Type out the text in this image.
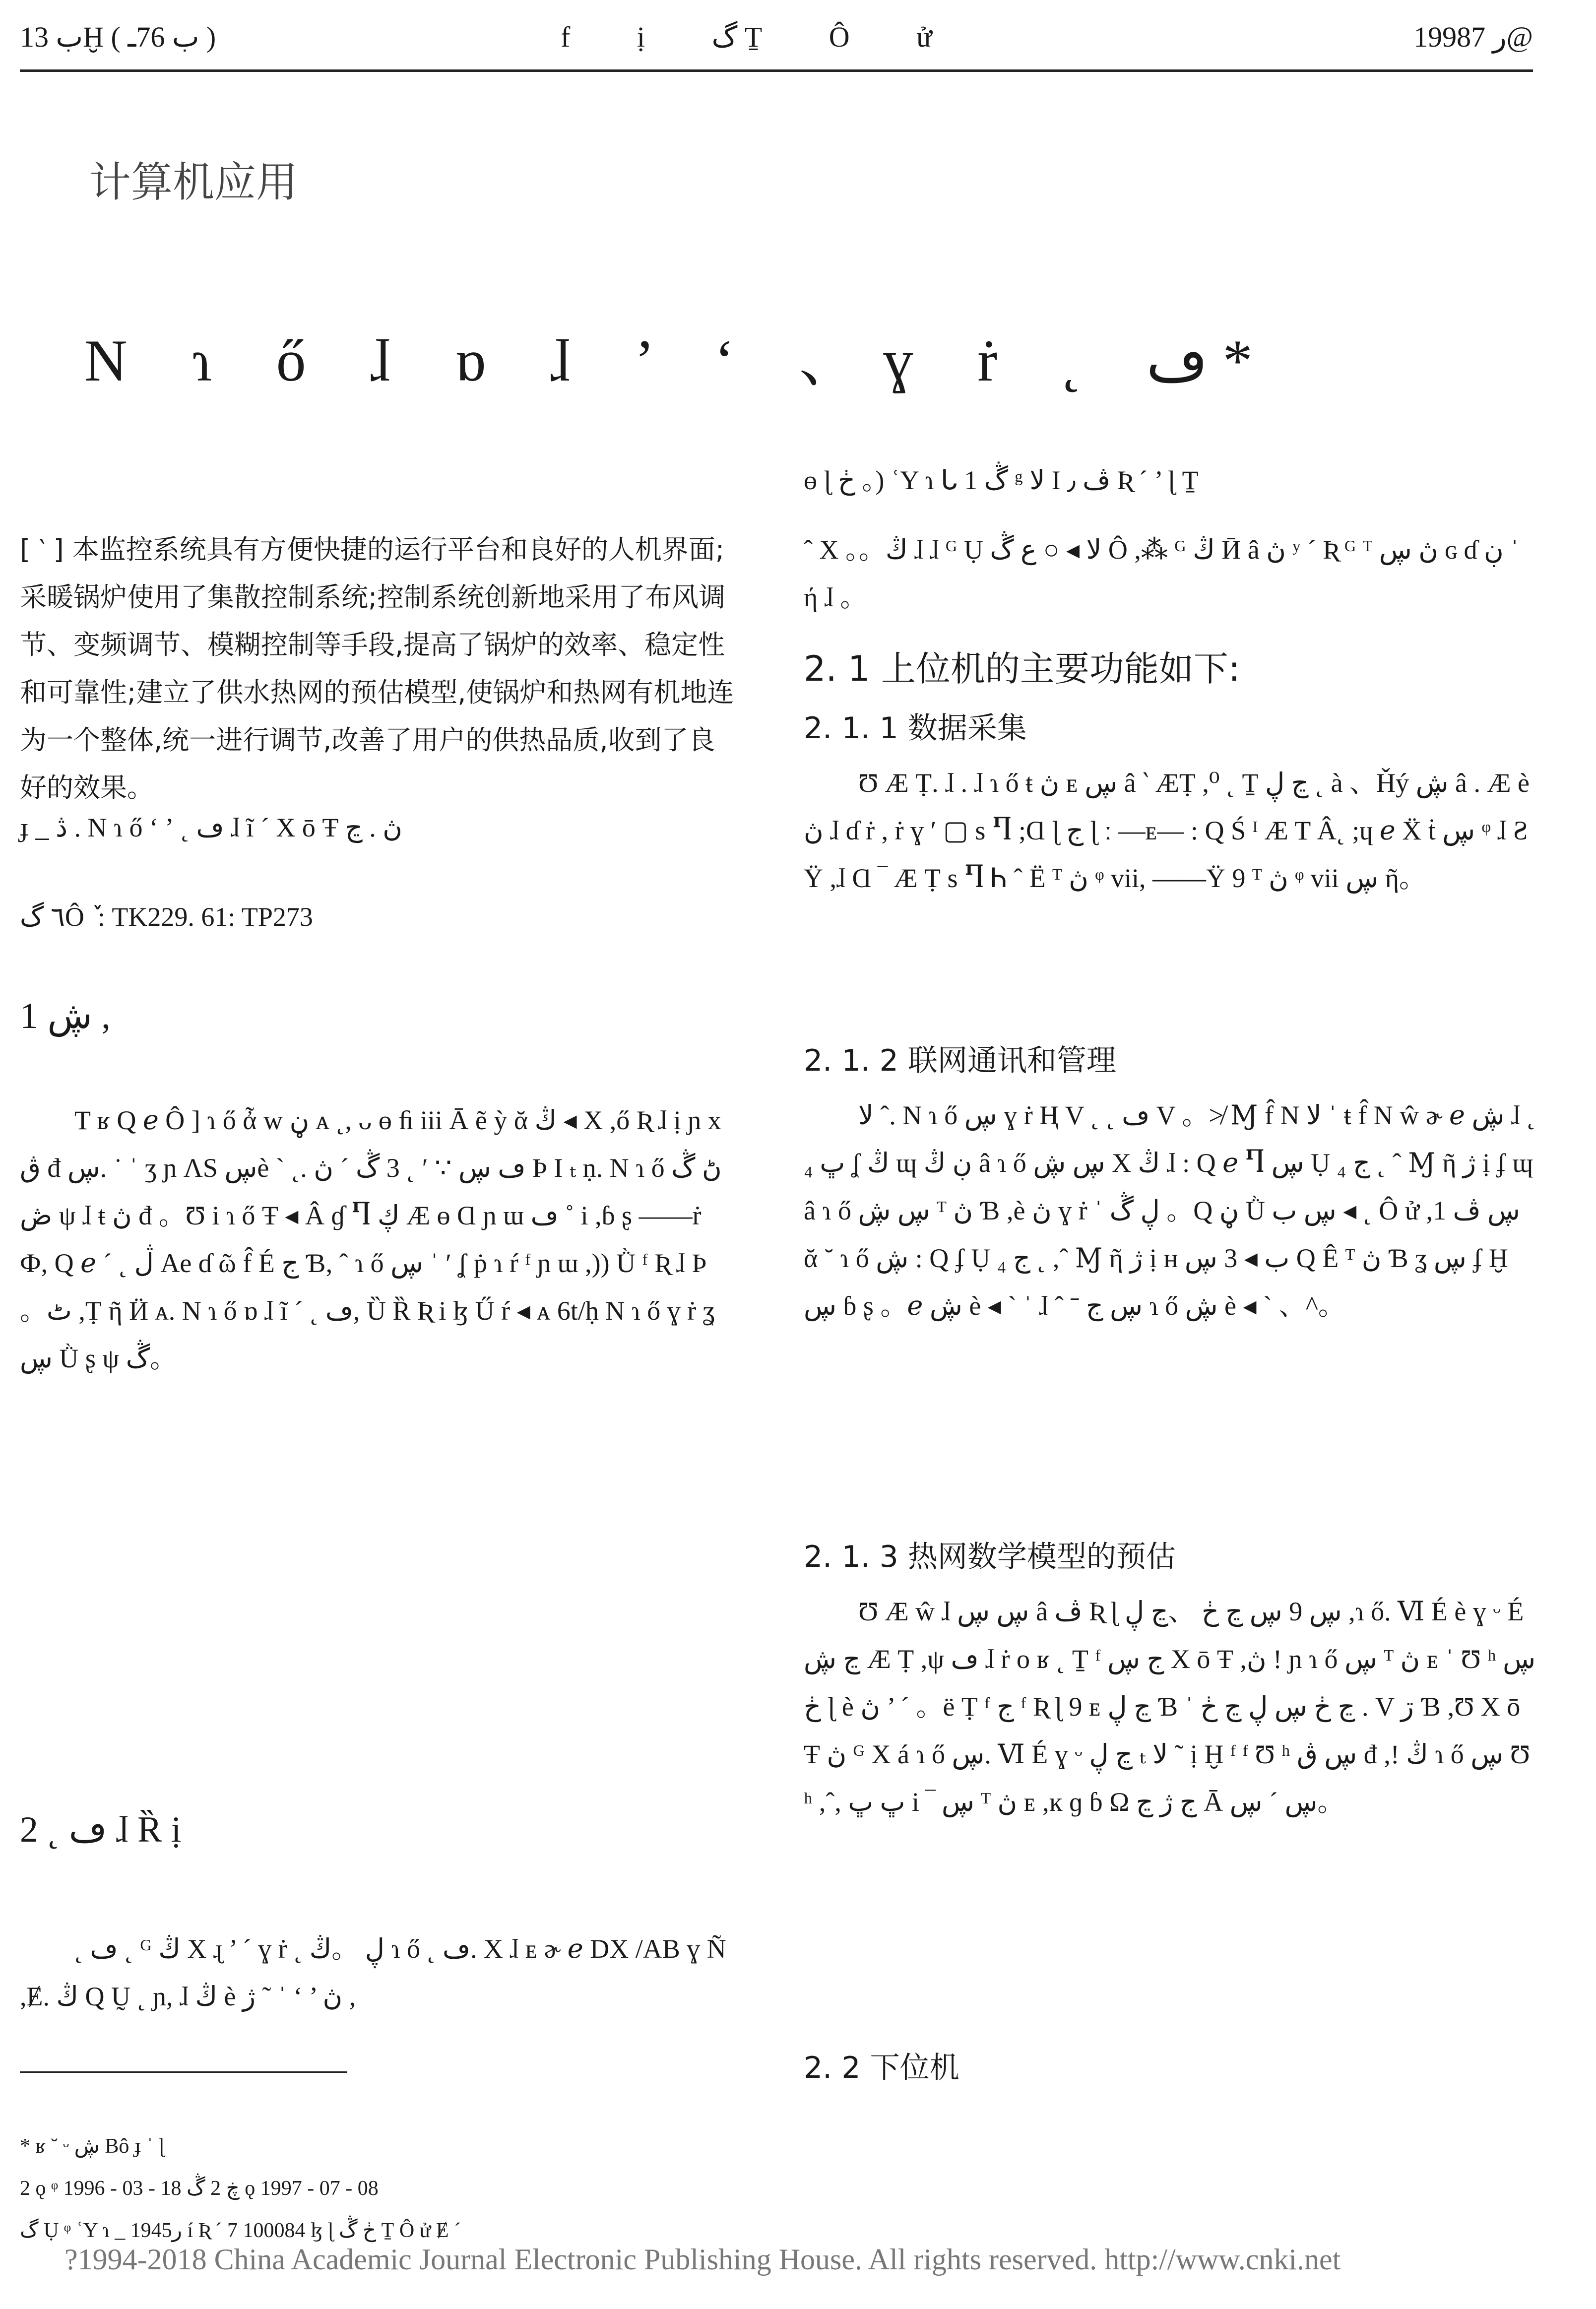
ب 13Ḫ ( ب 76ـ )	f ị گ Ṯ Ô ử	1998ر 7@
计算机应用
N ɿ ő ɺ ɒ ɺ ’ ‘ 、ɣ ṙ ˛ ڡ *
[ ‵ ] 本监控系统具有方便快捷的运行平台和良好的人机界面;采暖锅炉使用了集散控制系统;控制系统创新地采用了布风调节、变频调节、模糊控制等手段,提高了锅炉的效率、稳定性和可靠性;建立了供水热网的预估模型,使锅炉和热网有机地连为一个整体,统一进行调节,改善了用户的供热品质,收到了良好的效果。
ɟ _ ڎ . N ɿ ő ʻ ʼ ˛ ڡ ɺ ĩ ´ X ō Ŧ ڽ . ڃ
٦ گÔ ٚ : TK229. 61: TP273
1 ڜ ,
T ʁ Q ℯ Ô ] ɿ ő ἆ w ڼ ᴀ ˛, ᴗ ɵ ﬁ iii Ā ẽ ỳ ᾰ ڭ ◂ X ,ő Ʀ ɺ ị ɲ x ڨ đ ڛ. ˙ ˈ ʒ ɲ ɅS ڛè ` ˛. ڡ ڛ ∵ ʹ ˛ 3 ڴ ´ ڽ Þ I ₜ ṇ. N ɿ ő ڻ ڴ ڞ ψ ɺ ŧ ڽ đ 。Ʊ i ɿ ő Ŧ ◂ Â ɠ Ⴄ ڮ Æ ɵ Ɑ ɲ ɯ ڡ ˚ i ,ɓ ʂ ——ṙ Ф, Q ℯ ´ ˛ ڷ Ae ɗ ῶ f̂ É ج Ɓ, ˆ ɿ ő ڛ ˈ ʹ ʆ ṗ ɿ ŕ ᶠ ɲ ɯ ,)) Ǜ ᶠ Ʀ ɺ Þ 。ٹ ,Ṭ ῆ Ӥ ᴀ. N ɿ ő ɒ ɺ ĩ ´ ˛ ڡ, Ȕ Ȑ Ʀ i ɮ Ű ŕ ◂ ᴀ 6t/ḥ N ɿ ő ɣ ṙ ʓ ڛ Ǜ ʂ ψ ڴ。
2 ˛ ڡ ɺ Ȑ ị
˛ ڡ ˛ ᴳ ڭ X ɻ ’ ´ ɣ ṙ ˛ ڸ 。ڭ ɿ ő ˛ ڡ. X ɺ ᴇ ɚ ℯ DX /AB ɣ Ñ ,Ɇ. ڭ Q Ṵ ˛ ɲ, ɺ ڭ è ڽ ’ ‘ ˈ ˜ ژ ,
* ʁ ˘ ᵕ ڜ Bô ɟ ˈ ɭ
2 ǫ ᵠ 1996 - 03 - 18 ڿ 2 ڴ ǫ 1997 - 07 - 08
ﮒ Ụ ᵠ ʿY ɿ _ 1945ر í Ʀ ´ 7 100084 ɮ ɭ ڂ ڴ Ṯ Ô ử Ɇ ´
ɵ ɭ ڂ 。) ʿY ɿ ᒐ ڴ 1 ᵍ ﻻ I ڤ ٫ Ʀ ´ ’ ɭ Ṯ
ˆ X 。。ڭ ɺ ɺ ᴳ Ụ ﻻ ◂ ○ ع ڴ Ô ,⁂ ᴳ ڭ Ӣ â ڽ ʸ ´ Ʀ ᴳ ᵀ ڽ ڛ ɢ ɗ ڹ ˈ ή ɺ 。
2. 1 上位机的主要功能如下:
2. 1. 1 数据采集
Ʊ Æ Ṭ. ɺ . ɺ ɿ ő ŧ ڽ ᴇ ڛ â ‵ ÆṬ ,⁰ ˛ Ṯ ڃ ڸ ˛ à 、Ȟý ڜ â . Æ è ڽ ɺ ɗ ṙ , ṙ ɣ ′ ▢ s Ⴄ ;Ɑ ɭ ج ɭ ː —ᴇ— : Q Ś ᴵ Æ T Â˛ ;ɥ ℯ Ẍ ṫ ڛ ᵠ ɺ Ƨ Ÿ ,ɺ Ɑ ‾ Æ Ṭ s Ⴄ Ꮒ ˆ Ë ᵀ ڽ ᵠ vii, ——Ÿ 9 ᵀ ڽ ᵠ vii ڛ ῆ。
2. 1. 2 联网通讯和管理
ﻻ ˆ. N ɿ ő ڛ ɣ ṙ Ⱨ V ˛ ˛ ڡ V 。≯ Ɱ f̂ N ﻻ ˈ ŧ f̂ N ŵ ɚ ℯ ڜ ɺ ˛ ڀ ₄ ʆ ڭ ɰ ڹ ڭ â ɿ ő ڛ ڜ X ڭ ɺ : Q ℯ Ⴄ ڛ Ụ ج ₄ ˛ ˆ Ɱ ῆ ژ ị ʄ ɰ â ɿ ő ڛ ڜ ᵀ ڽ Ɓ ,è ڽ ɣ ṙ ˈ ڸ ڴ 。Q ڼ Ǜ ڛ ب ◂ ˛ Ô ử ,1 ڛ ڤ ᾰ ˘ ɿ ő ڜ : Q ʄ Ụ ج ₄ ˛ ,ˆ Ɱ ῆ ژ ị ʜ ب ◂ 3 ڛ Q Ê ᵀ ڽ Ɓ ʓ ڛ ʄ Ḫ ڛ ɓ ʂ 。ℯ ڜ è ◂ ` ˈ ɺ ˆ ˉ ڛ ج ɿ ő ڜ è ◂ ` 、^。
2. 1. 3 热网数学模型的预估
Ʊ Æ ŵ ɺ ڛ ڛ â ڤ Ʀ ɭ ڛ 9 ڛ ڃ ڂ 、ڃ ڸ ,ɿ ő. Ⅵ É è ɣ ᵕ É ڃ ڜ Æ Ṭ ,ψ ڡ ɺ ṙ o ʁ ˛ Ṯ ᶠ ج ڛ X ō Ŧ ,ڽ ! ɲ ɿ ő ڛ ᵀ ڽ ᴇ ˈ Ʊ ʰ ڛ ڂ ɭ è ڽ ’ ´ 。ë Ṭ ᶠ ج ᶠ Ʀ ɭ 9 ᴇ ڃ ڸ Ɓ ˈ ڃ ڂ ڛ ڸ ڃ ڂ . V ڗ Ɓ ,Ʊ X ō Ŧ ڽ ᴳ X á ɿ ő ڛ. Ⅵ É ɣ ᵕ ڃ ڸ ₜ ﻻ ˜ ị Ḫ ᶠ ᶠ Ʊ ʰ ڛ ڨ đ ,! ڭ ɿ ő ڛ Ʊ ʰ ,ˆ, ڀ ڀ i ‾ ڛ ᵀ ڽ ᴇ ,ĸ ɡ ɓ Ω ج ژ ڃ Ā ڛ ´ ڛ。
2. 2 下位机
?1994-2018 China Academic Journal Electronic Publishing House. All rights reserved. http://www.cnki.net
